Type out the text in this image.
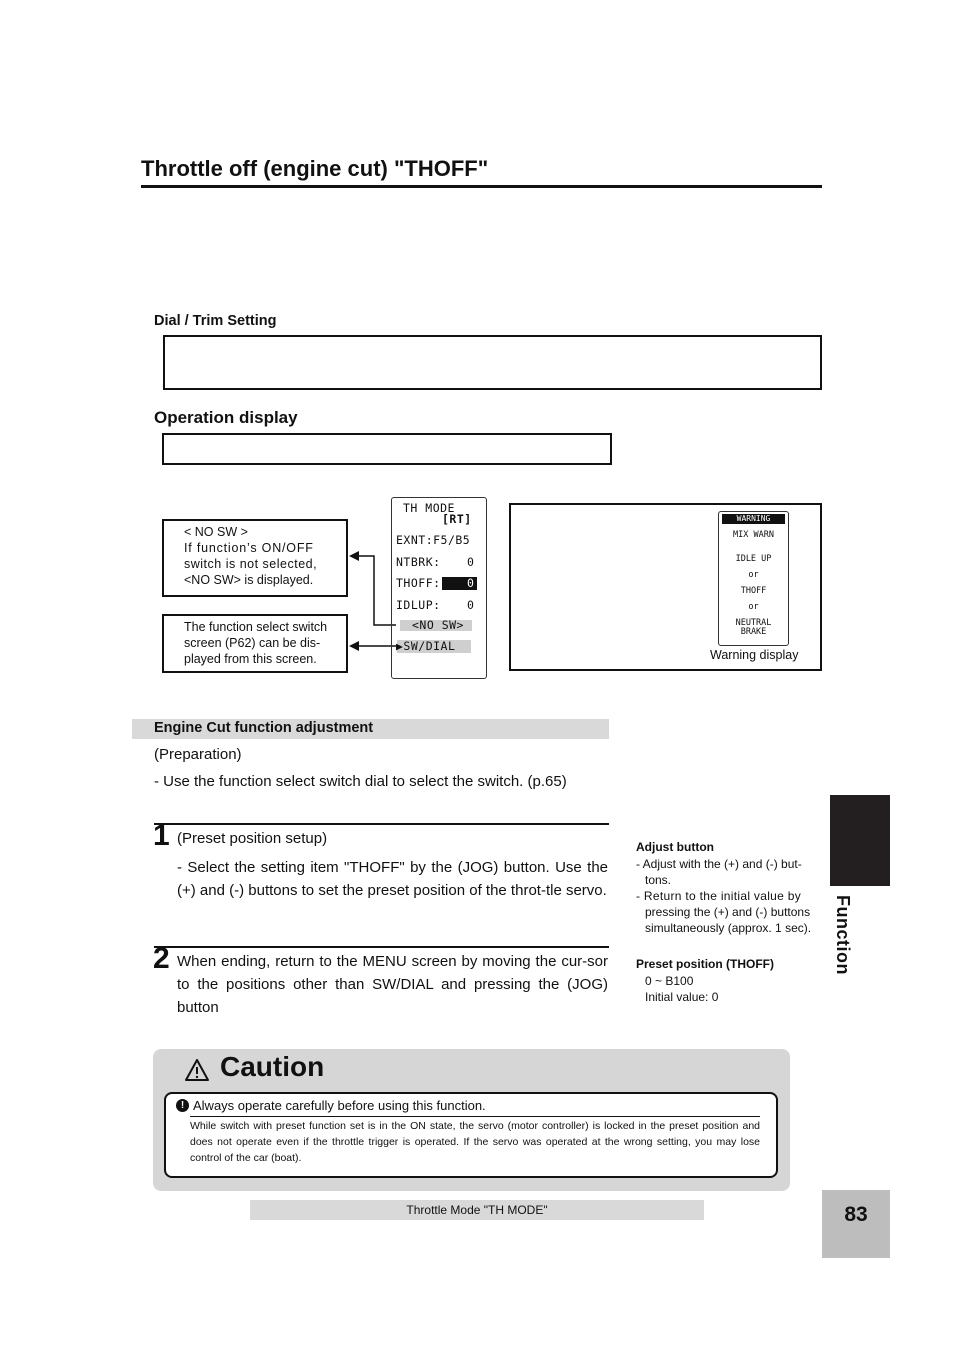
Throttle off (engine cut) "THOFF"
Dial / Trim Setting
Operation display
< NO SW >
If function’s ON/OFF
switch is not selected,
<NO SW> is displayed.
The function select switch
screen (P62) can be dis-
played from this screen.
TH MODE
[RT]
EXNT:F5/B5
NTBRK: 0
THOFF: 0
IDLUP: 0
<NO SW>
▶SW/DIAL
WARNING
MIX WARN
IDLE UP
or
THOFF
or
NEUTRAL
BRAKE
Warning display
Engine Cut function adjustment
(Preparation)
- Use the function select switch dial to select the switch. (p.65)
1 (Preset position setup)
- Select the setting item "THOFF" by the (JOG) button. Use the (+) and (-) buttons to set the preset position of the throt-tle servo.
2 When ending, return to the MENU screen by moving the cur-sor to the positions other than SW/DIAL and pressing the (JOG) button
Adjust button
- Adjust with the (+) and (-) but-
tons.
- Return to the initial value by
pressing the (+) and (-) buttons
simultaneously (approx. 1 sec).
Preset position (THOFF)
0 ~ B100
Initial value: 0
Function
Caution
! Always operate carefully before using this function.
While switch with preset function set is in the ON state, the servo (motor controller) is locked in the preset position and does not operate even if the throttle trigger is operated. If the servo was operated at the wrong setting, you may lose control of the car (boat).
Throttle Mode "TH MODE"	83
